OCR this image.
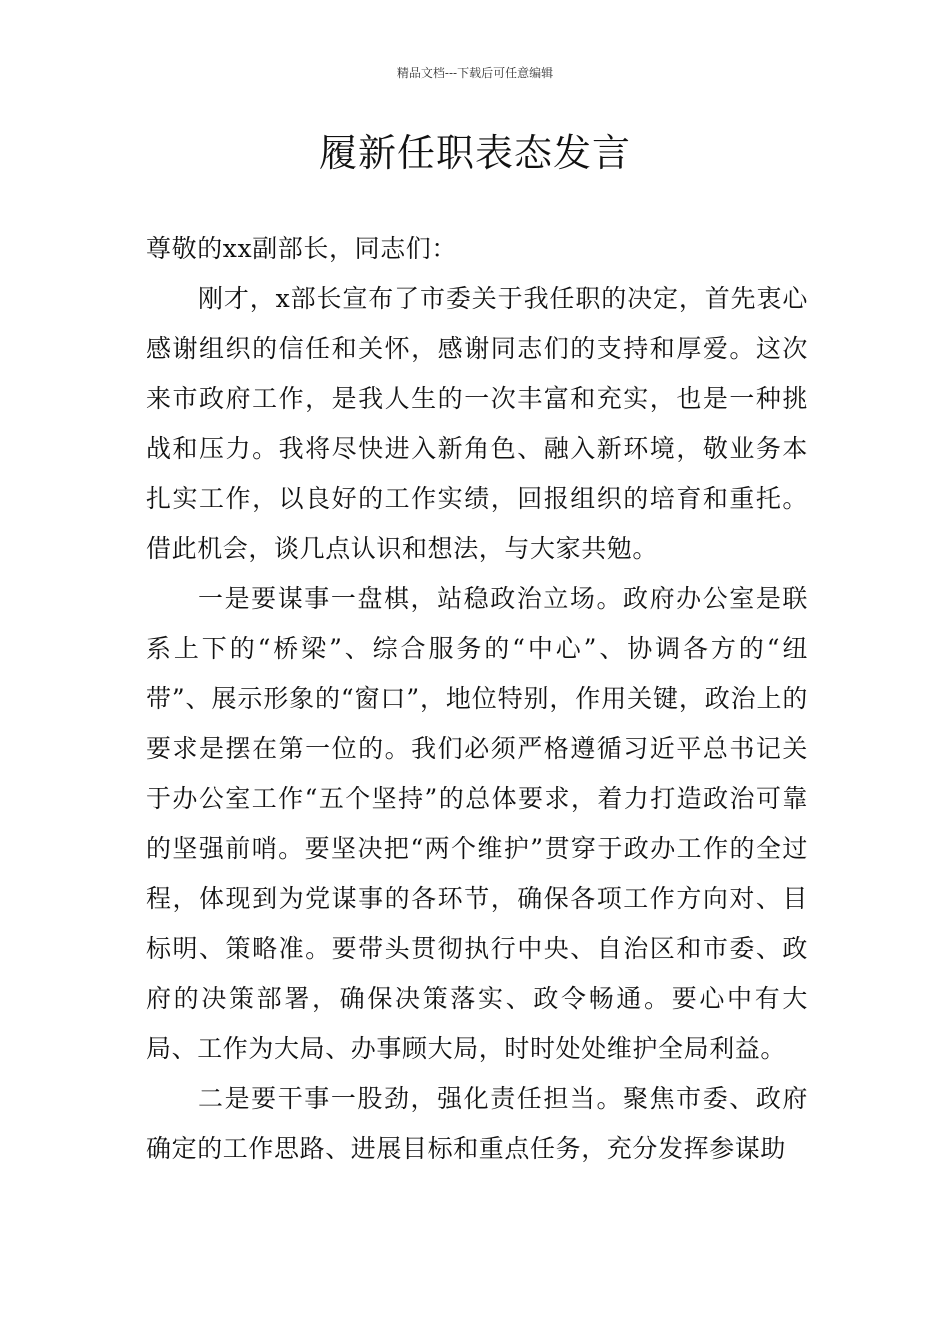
精品文档---下载后可任意编辑
履新任职表态发言

尊敬的xx副部长，同志们：

刚才，x部长宣布了市委关于我任职的决定，首先衷心感谢组织的信任和关怀，感谢同志们的支持和厚爱。这次来市政府工作，是我人生的一次丰富和充实，也是一种挑战和压力。我将尽快进入新角色、融入新环境，敬业务本扎实工作，以良好的工作实绩，回报组织的培育和重托。借此机会，谈几点认识和想法，与大家共勉。

一是要谋事一盘棋，站稳政治立场。政府办公室是联系上下的“桥梁”、综合服务的“中心”、协调各方的“纽带”、展示形象的“窗口”，地位特别，作用关键，政治上的要求是摆在第一位的。我们必须严格遵循习近平总书记关于办公室工作“五个坚持”的总体要求，着力打造政治可靠的坚强前哨。要坚决把“两个维护”贯穿于政办工作的全过程，体现到为党谋事的各环节，确保各项工作方向对、目标明、策略准。要带头贯彻执行中央、自治区和市委、政府的决策部署，确保决策落实、政令畅通。要心中有大局、工作为大局、办事顾大局，时时处处维护全局利益。

二是要干事一股劲，强化责任担当。聚焦市委、政府确定的工作思路、进展目标和重点任务，充分发挥参谋助
